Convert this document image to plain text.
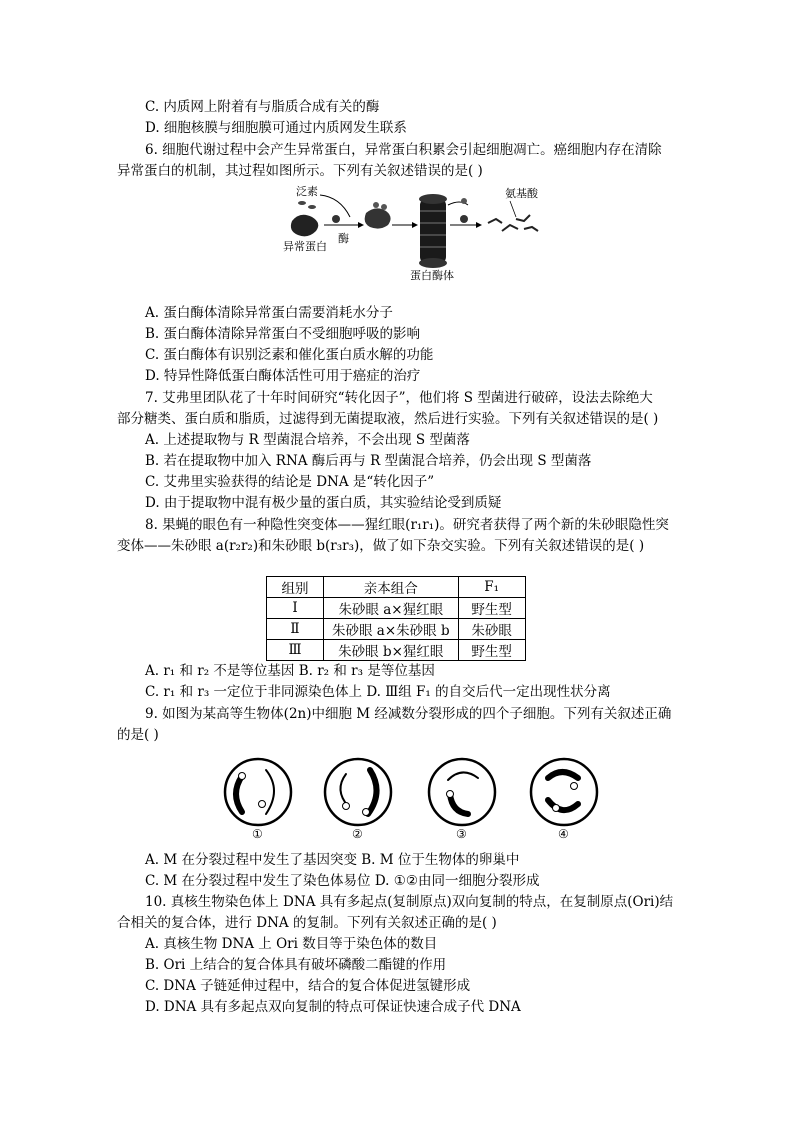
C. 内质网上附着有与脂质合成有关的酶
D. 细胞核膜与细胞膜可通过内质网发生联系
6. 细胞代谢过程中会产生异常蛋白，异常蛋白积累会引起细胞凋亡。癌细胞内存在清除
异常蛋白的机制，其过程如图所示。下列有关叙述错误的是( )
泛素
酶
异常蛋白
蛋白酶体
氨基酸
A. 蛋白酶体清除异常蛋白需要消耗水分子
B. 蛋白酶体清除异常蛋白不受细胞呼吸的影响
C. 蛋白酶体有识别泛素和催化蛋白质水解的功能
D. 特异性降低蛋白酶体活性可用于癌症的治疗
7. 艾弗里团队花了十年时间研究“转化因子”，他们将 S 型菌进行破碎，设法去除绝大
部分糖类、蛋白质和脂质，过滤得到无菌提取液，然后进行实验。下列有关叙述错误的是( )
A. 上述提取物与 R 型菌混合培养，不会出现 S 型菌落
B. 若在提取物中加入 RNA 酶后再与 R 型菌混合培养，仍会出现 S 型菌落
C. 艾弗里实验获得的结论是 DNA 是“转化因子”
D. 由于提取物中混有极少量的蛋白质，其实验结论受到质疑
8. 果蝇的眼色有一种隐性突变体——猩红眼(r₁r₁)。研究者获得了两个新的朱砂眼隐性突
变体——朱砂眼 a(r₂r₂)和朱砂眼 b(r₃r₃)，做了如下杂交实验。下列有关叙述错误的是( )
组别	亲本组合	F₁
Ⅰ	朱砂眼 a×猩红眼	野生型
Ⅱ	朱砂眼 a×朱砂眼 b	朱砂眼
Ⅲ	朱砂眼 b×猩红眼	野生型
A. r₁ 和 r₂ 不是等位基因 B. r₂ 和 r₃ 是等位基因
C. r₁ 和 r₃ 一定位于非同源染色体上 D. Ⅲ组 F₁ 的自交后代一定出现性状分离
9. 如图为某高等生物体(2n)中细胞 M 经减数分裂形成的四个子细胞。下列有关叙述正确
的是( )
①	②	③	④
A. M 在分裂过程中发生了基因突变 B. M 位于生物体的卵巢中
C. M 在分裂过程中发生了染色体易位 D. ①②由同一细胞分裂形成
10. 真核生物染色体上 DNA 具有多起点(复制原点)双向复制的特点，在复制原点(Ori)结
合相关的复合体，进行 DNA 的复制。下列有关叙述正确的是( )
A. 真核生物 DNA 上 Ori 数目等于染色体的数目
B. Ori 上结合的复合体具有破坏磷酸二酯键的作用
C. DNA 子链延伸过程中，结合的复合体促进氢键形成
D. DNA 具有多起点双向复制的特点可保证快速合成子代 DNA
